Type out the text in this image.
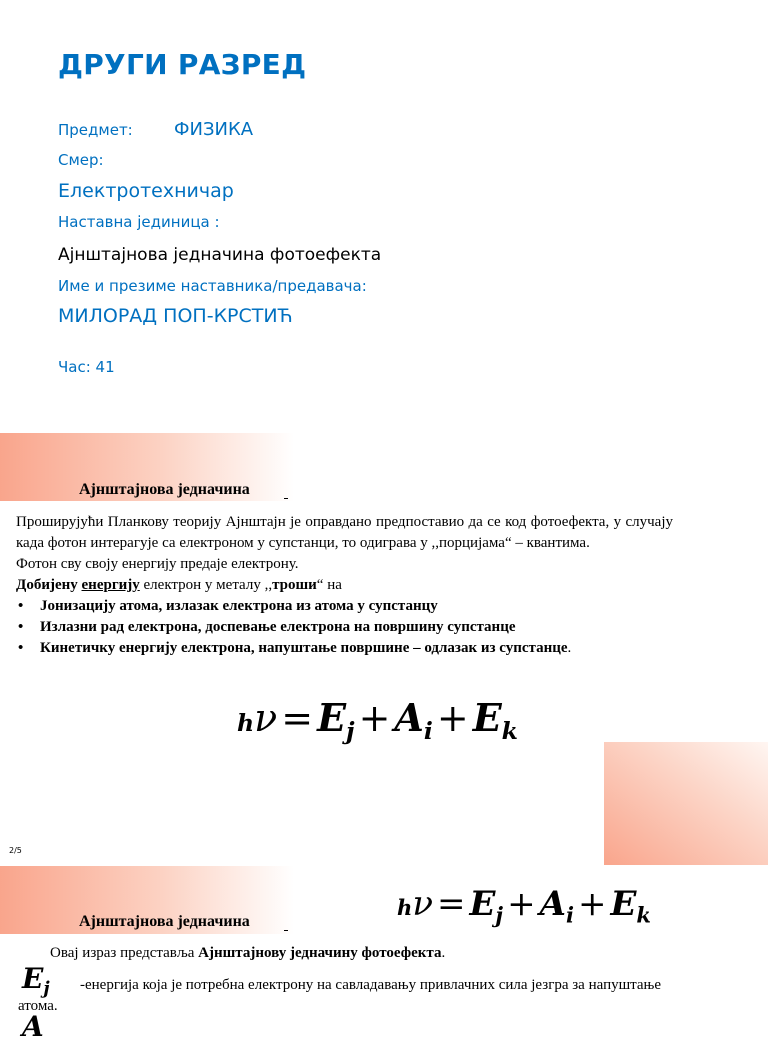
ДРУГИ РАЗРЕД
Предмет: ФИЗИКА
Смер:
Електротехничар
Наставна јединица :
Ајнштајнова једначина фотоефекта
Име и презиме наставника/предавача:
МИЛОРАД ПОП-КРСТИЋ
Час: 41
Ајнштајнова једначина
Проширујући Планкову теорију Ајнштајн је оправдано предпоставио да се код фотоефекта, у случају када фотон интерагује са електроном у супстанци, то одиграва у ,,порцијама“ – квантима.
Фотон сву своју енергију предаје електрону.
Добијену енергију електрон у металу ,,троши“ на
• Јонизацију атома, излазак електрона из атома у супстанцу
• Излазни рад електрона, доспевање електрона на површину супстанце
• Кинетичку енергију електрона, напуштање површине – одлазак из супстанце.
$h\nu = E_j + A_i + E_k$
2/5
Ајнштајнова једначина
$h\nu = E_j + A_i + E_k$
Овај израз представља Ајнштајнову једначину фотоефекта.
$E_j$	-енергија која је потребна електрону на савладавању привлачних сила језгра за напуштање атома.
A
